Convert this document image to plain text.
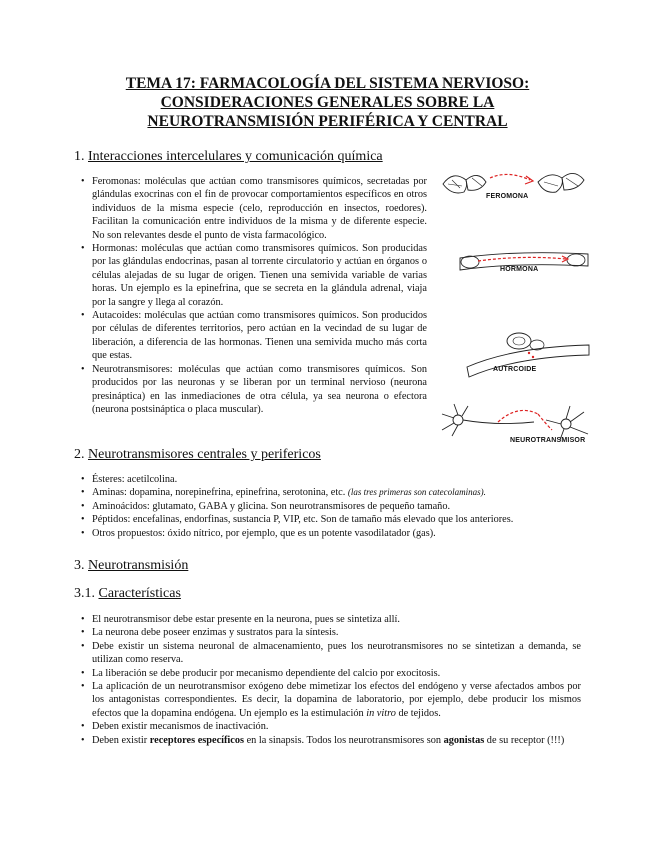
TEMA 17: FARMACOLOGÍA DEL SISTEMA NERVIOSO:
CONSIDERACIONES GENERALES SOBRE LA
NEUROTRANSMISIÓN PERIFÉRICA Y CENTRAL
1. Interacciones intercelulares y comunicación química
• Feromonas: moléculas que actúan como transmisores químicos, secretadas por glándulas exocrinas con el fin de provocar comportamientos específicos en otros individuos de la misma especie (celo, reproducción en insectos, roedores). Facilitan la comunicación entre individuos de la misma y de diferente especie. No son relevantes desde el punto de vista farmacológico.
• Hormonas: moléculas que actúan como transmisores químicos. Son producidas por las glándulas endocrinas, pasan al torrente circulatorio y actúan en órganos o células alejadas de su lugar de origen. Tienen una semivida variable de varias horas. Un ejemplo es la epinefrina, que se secreta en la glándula adrenal, viaja por la sangre y llega al corazón.
• Autacoides: moléculas que actúan como transmisores químicos. Son producidos por células de diferentes territorios, pero actúan en la vecindad de su lugar de liberación, a diferencia de las hormonas. Tienen una semivida mucho más corta que estas.
• Neurotransmisores: moléculas que actúan como transmisores químicos. Son producidos por las neuronas y se liberan por un terminal nervioso (neurona presináptica) en las inmediaciones de otra célula, ya sea neurona o efectora (neurona postsináptica o placa muscular).
FEROMONA
HORMONA
AUTRCOIDE
NEUROTRANSMISOR
2. Neurotransmisores centrales y perifericos
• Ésteres: acetilcolina.
• Aminas: dopamina, norepinefrina, epinefrina, serotonina, etc. (las tres primeras son catecolaminas).
• Aminoácidos: glutamato, GABA y glicina. Son neurotransmisores de pequeño tamaño.
• Péptidos: encefalinas, endorfinas, sustancia P, VIP, etc. Son de tamaño más elevado que los anteriores.
• Otros propuestos: óxido nítrico, por ejemplo, que es un potente vasodilatador (gas).
3. Neurotransmisión
3.1. Características
• El neurotransmisor debe estar presente en la neurona, pues se sintetiza allí.
• La neurona debe poseer enzimas y sustratos para la síntesis.
• Debe existir un sistema neuronal de almacenamiento, pues los neurotransmisores no se sintetizan a demanda, se utilizan como reserva.
• La liberación se debe producir por mecanismo dependiente del calcio por exocitosis.
• La aplicación de un neurotransmisor exógeno debe mimetizar los efectos del endógeno y verse afectados ambos por los antagonistas correspondientes. Es decir, la dopamina de laboratorio, por ejemplo, debe producir los mismos efectos que la dopamina endógena. Un ejemplo es la estimulación in vitro de tejidos.
• Deben existir mecanismos de inactivación.
• Deben existir receptores específicos en la sinapsis. Todos los neurotransmisores son agonistas de su receptor (!!!)
